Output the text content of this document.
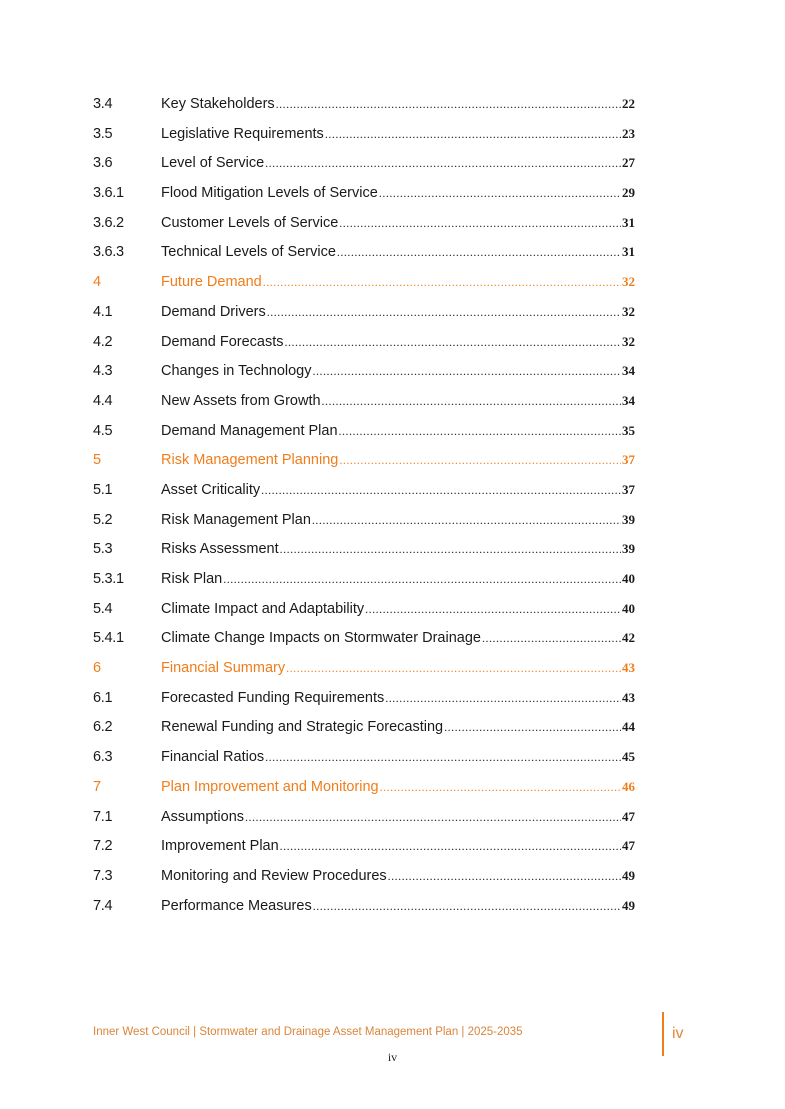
3.4	Key Stakeholders .....	22
3.5	Legislative Requirements .....	23
3.6	Level of Service .....	27
3.6.1	Flood Mitigation Levels of Service .....	29
3.6.2	Customer Levels of Service .....	31
3.6.3	Technical Levels of Service .....	31
4	Future Demand .....	32
4.1	Demand Drivers .....	32
4.2	Demand Forecasts .....	32
4.3	Changes in Technology .....	34
4.4	New Assets from Growth .....	34
4.5	Demand Management Plan .....	35
5	Risk Management Planning .....	37
5.1	Asset Criticality .....	37
5.2	Risk Management Plan .....	39
5.3	Risks Assessment .....	39
5.3.1	Risk Plan .....	40
5.4	Climate Impact and Adaptability .....	40
5.4.1	Climate Change Impacts on Stormwater Drainage .....	42
6	Financial Summary .....	43
6.1	Forecasted Funding Requirements .....	43
6.2	Renewal Funding and Strategic Forecasting .....	44
6.3	Financial Ratios .....	45
7	Plan Improvement and Monitoring .....	46
7.1	Assumptions .....	47
7.2	Improvement Plan .....	47
7.3	Monitoring and Review Procedures .....	49
7.4	Performance Measures .....	49
Inner West Council | Stormwater and Drainage Asset Management Plan | 2025-2035	iv
iv
